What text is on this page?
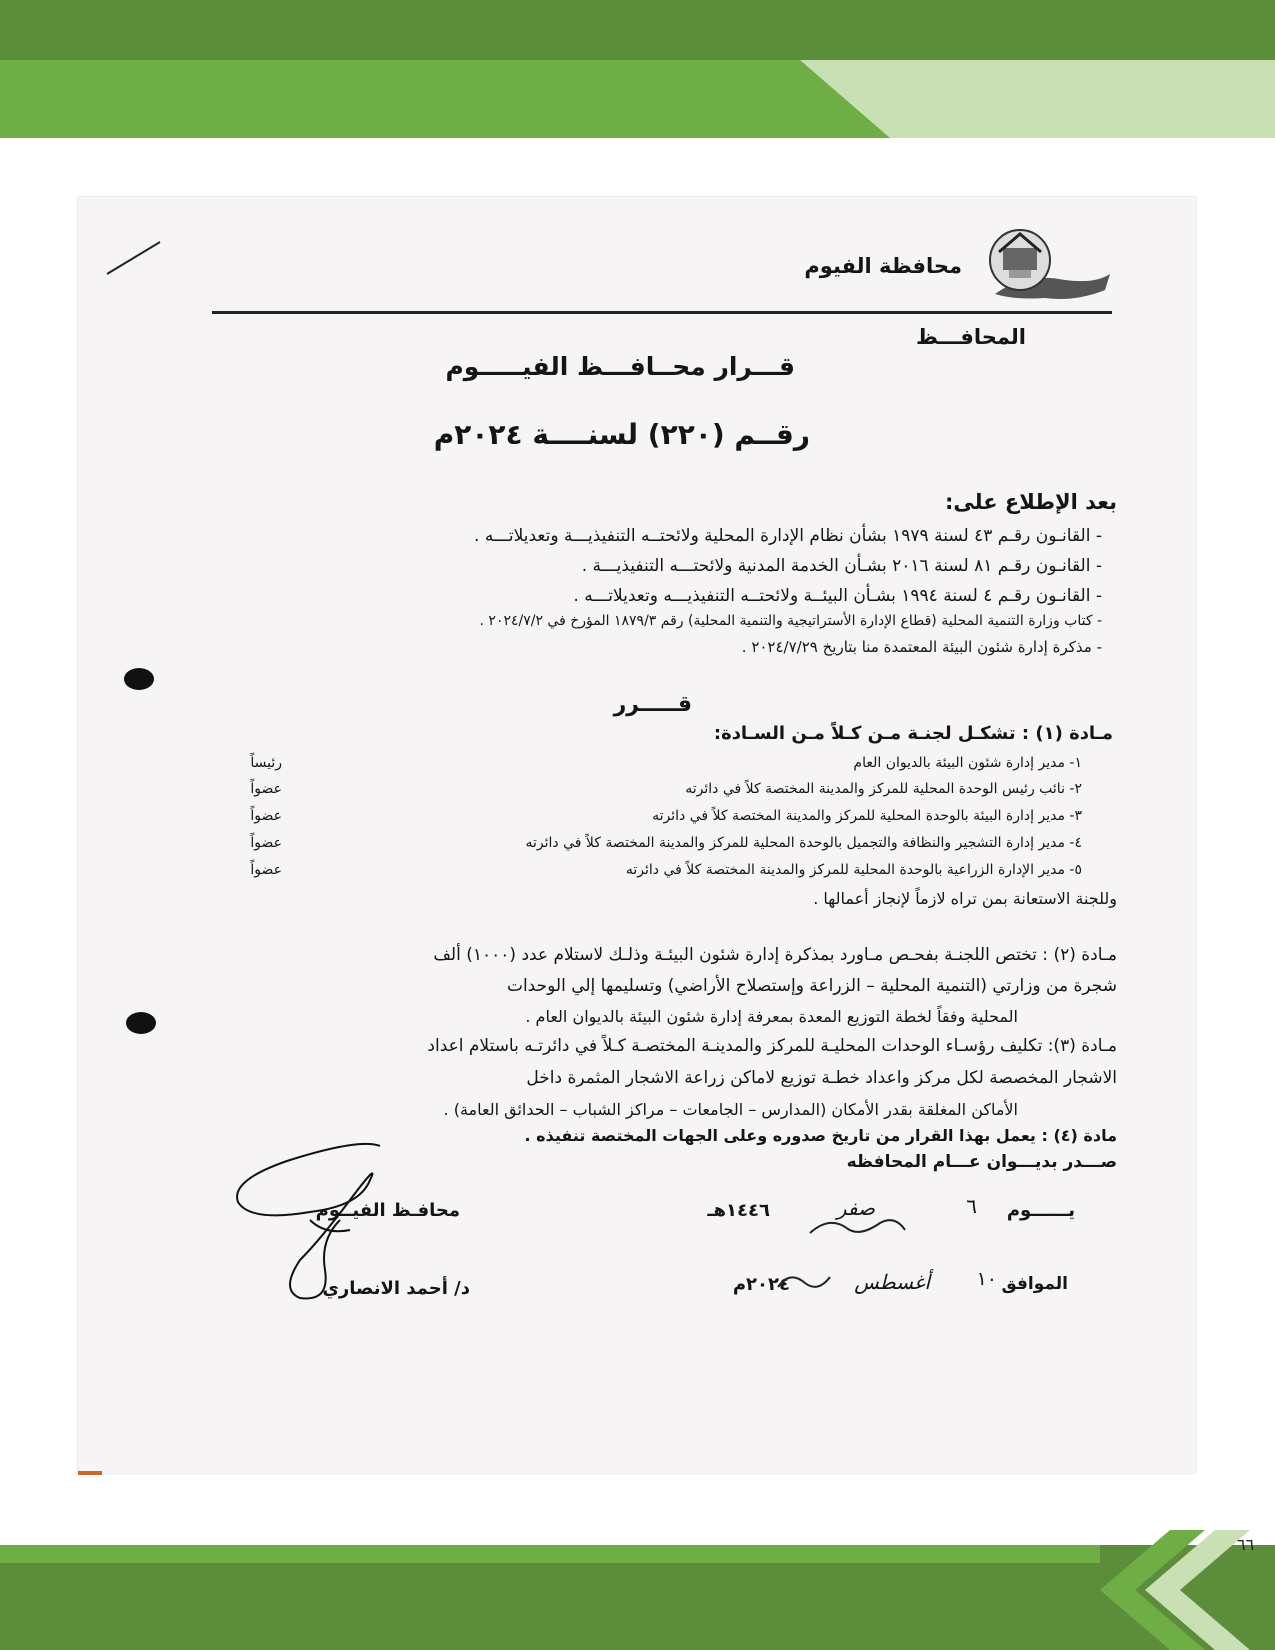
٦٦
محافظة الفيوم
المحافـــظ
قـــرار محــافـــظ الفيـــــوم
رقــم (٢٢٠) لسنــــة ٢٠٢٤م
بعد الإطلاع على:
- القانـون رقـم ٤٣ لسنة ١٩٧٩ بشأن نظام الإدارة المحلية ولائحتــه التنفيذيـــة وتعديلاتـــه .
- القانـون رقـم ٨١ لسنة ٢٠١٦ بشـأن الخدمة المدنية ولائحتـــه التنفيذيـــة .
- القانـون رقـم ٤ لسنة ١٩٩٤ بشـأن البيئــة ولائحتــه التنفيذيـــه وتعديلاتـــه .
- كتاب وزارة التنمية المحلية (قطاع الإدارة الأستراتيجية والتنمية المحلية) رقم ١٨٧٩/٣ المؤرخ في ٢٠٢٤/٧/٢ .
- مذكرة إدارة شئون البيئة المعتمدة منا بتاريخ ٢٠٢٤/٧/٢٩ .
قـــــرر
مـادة (١) : تشكـل لجنـة مـن كـلاً مـن السـادة:
١- مدير إدارة شئون البيئة بالديوان العام
رئيساً
٢- نائب رئيس الوحدة المحلية للمركز والمدينة المختصة كلاً في دائرته
عضواً
٣- مدير إدارة البيئة بالوحدة المحلية للمركز والمدينة المختصة كلاً في دائرته
عضواً
٤- مدير إدارة التشجير والنظافة والتجميل بالوحدة المحلية للمركز والمدينة المختصة كلاً في دائرته
عضواً
٥- مدير الإدارة الزراعية بالوحدة المحلية للمركز والمدينة المختصة كلاً في دائرته
عضواً
وللجنة الاستعانة بمن تراه لازماً لإنجاز أعمالها .
مـادة (٢) : تختص اللجنـة بفحـص مـاورد بمذكرة إدارة شئون البيئـة وذلـك لاستلام عدد (١٠٠٠) ألف
شجرة من وزارتي (التنمية المحلية – الزراعة وإستصلاح الأراضي) وتسليمها إلي الوحدات
المحلية وفقاً لخطة التوزيع المعدة بمعرفة إدارة شئون البيئة بالديوان العام .
مـادة (٣): تكليف رؤسـاء الوحدات المحليـة للمركز والمدينـة المختصـة كـلاً في دائرتـه باستلام اعداد
الاشجار المخصصة لكل مركز واعداد خطـة توزيع لاماكن زراعة الاشجار المثمرة داخل
الأماكن المغلقة بقدر الأمكان (المدارس – الجامعات – مراكز الشباب – الحدائق العامة) .
مادة (٤) : يعمل بهذا القرار من تاريخ صدوره وعلى الجهات المختصة تنفيذه .
صـــدر بديـــوان عـــام المحافظه
يــــــوم
٦
صفر
١٤٤٦هـ
الموافق
١٠
أغسطس
٢٠٢٤م
محافـظ الفيــوم
د/ أحمد الانصاري
